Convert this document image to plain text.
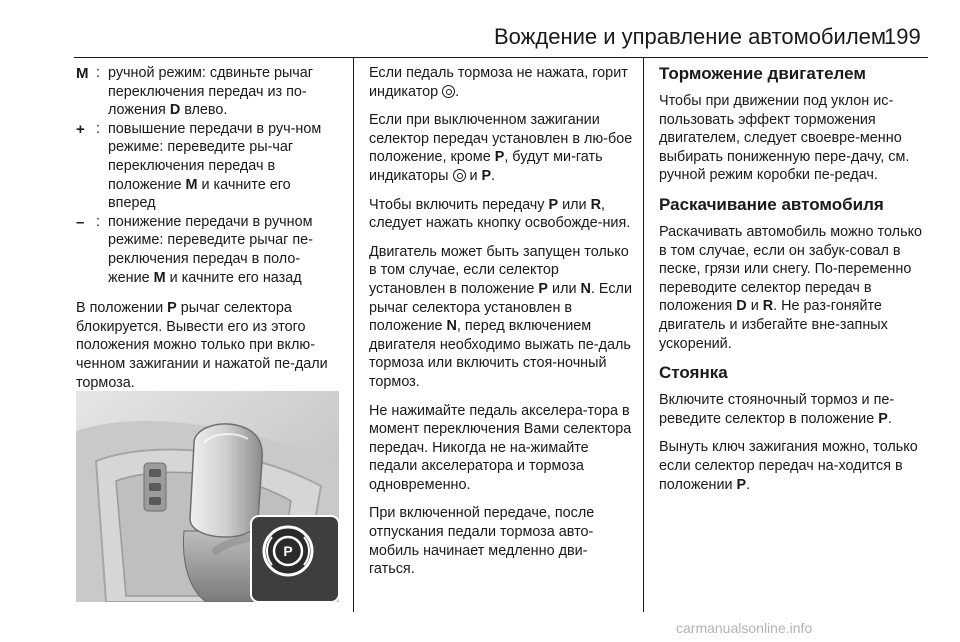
Вождение и управление автомобилем
199
M : ручной режим: сдвиньте рычаг переключения передач из по-ложения D влево.
+ : повышение передачи в руч-ном режиме: переведите ры-чаг переключения передач в положение M и качните его вперед
– : понижение передачи в ручном режиме: переведите рычаг пе-реключения передач в поло-жение M и качните его назад

В положении P рычаг селектора блокируется. Вывести его из этого положения можно только при вклю-ченном зажигании и нажатой пе-дали тормоза.

P

Если педаль тормоза не нажата, горит индикатор .

Если при выключенном зажигании селектор передач установлен в лю-бое положение, кроме P, будут ми-гать индикаторы и P.

Чтобы включить передачу P или R, следует нажать кнопку освобожде-ния.

Двигатель может быть запущен только в том случае, если селектор установлен в положение P или N. Если рычаг селектора установлен в положение N, перед включением двигателя необходимо выжать пе-даль тормоза или включить стоя-ночный тормоз.

Не нажимайте педаль акселера-тора в момент переключения Вами селектора передач. Никогда не на-жимайте педали акселератора и тормоза одновременно.

При включенной передаче, после отпускания педали тормоза авто-мобиль начинает медленно дви-гаться.

Торможение двигателем

Чтобы при движении под уклон ис-пользовать эффект торможения двигателем, следует своевре-менно выбирать пониженную пере-дачу, см. ручной режим коробки пе-редач.

Раскачивание автомобиля

Раскачивать автомобиль можно только в том случае, если он забук-совал в песке, грязи или снегу. По-переменно переводите селектор передач в положения D и R. Не раз-гоняйте двигатель и избегайте вне-запных ускорений.

Стоянка

Включите стояночный тормоз и пе-реведите селектор в положение P.

Вынуть ключ зажигания можно, только если селектор передач на-ходится в положении P.

carmanualsonline.info
